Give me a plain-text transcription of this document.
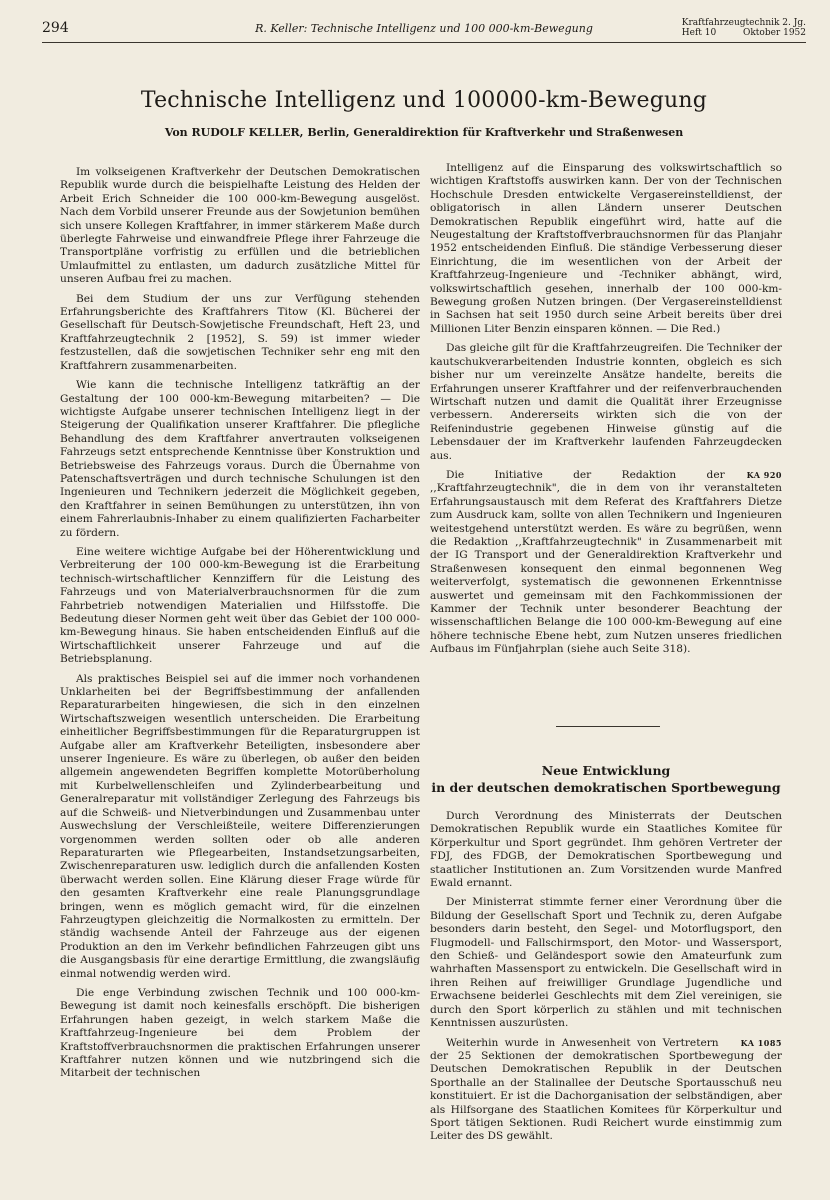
294	R. Keller: Technische Intelligenz und 100 000-km-Bewegung	Kraftfahrzeugtechnik 2. Jg.
Heft 10	Oktober 1952
Technische Intelligenz und 100000-km-Bewegung
Von RUDOLF KELLER, Berlin, Generaldirektion für Kraftverkehr und Straßenwesen

Im volkseigenen Kraftverkehr der Deutschen Demokratischen Republik wurde durch die beispielhafte Leistung des Helden der Arbeit Erich Schneider die 100 000-km-Bewegung ausgelöst. Nach dem Vorbild unserer Freunde aus der Sowjetunion bemühen sich unsere Kollegen Kraftfahrer, in immer stärkerem Maße durch überlegte Fahrweise und einwandfreie Pflege ihrer Fahrzeuge die Transportpläne vorfristig zu erfüllen und die betrieblichen Umlaufmittel zu entlasten, um dadurch zusätzliche Mittel für unseren Aufbau frei zu machen.

Bei dem Studium der uns zur Verfügung stehenden Erfahrungsberichte des Kraftfahrers Titow (Kl. Bücherei der Gesellschaft für Deutsch-Sowjetische Freundschaft, Heft 23, und Kraftfahrzeugtechnik 2 [1952], S. 59) ist immer wieder festzustellen, daß die sowjetischen Techniker sehr eng mit den Kraftfahrern zusammenarbeiten.

Wie kann die technische Intelligenz tatkräftig an der Gestaltung der 100 000-km-Bewegung mitarbeiten? — Die wichtigste Aufgabe unserer technischen Intelligenz liegt in der Steigerung der Qualifikation unserer Kraftfahrer. Die pflegliche Behandlung des dem Kraftfahrer anvertrauten volkseigenen Fahrzeugs setzt entsprechende Kenntnisse über Konstruktion und Betriebsweise des Fahrzeugs voraus. Durch die Übernahme von Patenschaftsverträgen und durch technische Schulungen ist den Ingenieuren und Technikern jederzeit die Möglichkeit gegeben, den Kraftfahrer in seinen Bemühungen zu unterstützen, ihn von einem Fahrerlaubnis-Inhaber zu einem qualifizierten Facharbeiter zu fördern.

Eine weitere wichtige Aufgabe bei der Höherentwicklung und Verbreiterung der 100 000-km-Bewegung ist die Erarbeitung technisch-wirtschaftlicher Kennziffern für die Leistung des Fahrzeugs und von Materialverbrauchsnormen für die zum Fahrbetrieb notwendigen Materialien und Hilfsstoffe. Die Bedeutung dieser Normen geht weit über das Gebiet der 100 000-km-Bewegung hinaus. Sie haben entscheidenden Einfluß auf die Wirtschaftlichkeit unserer Fahrzeuge und auf die Betriebsplanung.

Als praktisches Beispiel sei auf die immer noch vorhandenen Unklarheiten bei der Begriffsbestimmung der anfallenden Reparaturarbeiten hingewiesen, die sich in den einzelnen Wirtschaftszweigen wesentlich unterscheiden. Die Erarbeitung einheitlicher Begriffsbestimmungen für die Reparaturgruppen ist Aufgabe aller am Kraftverkehr Beteiligten, insbesondere aber unserer Ingenieure. Es wäre zu überlegen, ob außer den beiden allgemein angewendeten Begriffen komplette Motorüberholung mit Kurbelwellenschleifen und Zylinderbearbeitung und Generalreparatur mit vollständiger Zerlegung des Fahrzeugs bis auf die Schweiß- und Nietverbindungen und Zusammenbau unter Auswechslung der Verschleißteile, weitere Differenzierungen vorgenommen werden sollten oder ob alle anderen Reparaturarten wie Pflegearbeiten, Instandsetzungsarbeiten, Zwischenreparaturen usw. lediglich durch die anfallenden Kosten überwacht werden sollen. Eine Klärung dieser Frage würde für den gesamten Kraftverkehr eine reale Planungsgrundlage bringen, wenn es möglich gemacht wird, für die einzelnen Fahrzeugtypen gleichzeitig die Normalkosten zu ermitteln. Der ständig wachsende Anteil der Fahrzeuge aus der eigenen Produktion an den im Verkehr befindlichen Fahrzeugen gibt uns die Ausgangsbasis für eine derartige Ermittlung, die zwangsläufig einmal notwendig werden wird.

Die enge Verbindung zwischen Technik und 100 000-km-Bewegung ist damit noch keinesfalls erschöpft. Die bisherigen Erfahrungen haben gezeigt, in welch starkem Maße die Kraftfahrzeug-Ingenieure bei dem Problem der Kraftstoffverbrauchsnormen die praktischen Erfahrungen unserer Kraftfahrer nutzen können und wie nutzbringend sich die Mitarbeit der technischen

Intelligenz auf die Einsparung des volkswirtschaftlich so wichtigen Kraftstoffs auswirken kann. Der von der Technischen Hochschule Dresden entwickelte Vergasereinstelldienst, der obligatorisch in allen Ländern unserer Deutschen Demokratischen Republik eingeführt wird, hatte auf die Neugestaltung der Kraftstoffverbrauchsnormen für das Planjahr 1952 entscheidenden Einfluß. Die ständige Verbesserung dieser Einrichtung, die im wesentlichen von der Arbeit der Kraftfahrzeug-Ingenieure und -Techniker abhängt, wird, volkswirtschaftlich gesehen, innerhalb der 100 000-km-Bewegung großen Nutzen bringen. (Der Vergasereinstelldienst in Sachsen hat seit 1950 durch seine Arbeit bereits über drei Millionen Liter Benzin einsparen können. — Die Red.)

Das gleiche gilt für die Kraftfahrzeugreifen. Die Techniker der kautschukverarbeitenden Industrie konnten, obgleich es sich bisher nur um vereinzelte Ansätze handelte, bereits die Erfahrungen unserer Kraftfahrer und der reifenverbrauchenden Wirtschaft nutzen und damit die Qualität ihrer Erzeugnisse verbessern. Andererseits wirkten sich die von der Reifenindustrie gegebenen Hinweise günstig auf die Lebensdauer der im Kraftverkehr laufenden Fahrzeugdecken aus.

KA 920
Die Initiative der Redaktion der ,,Kraftfahrzeugtechnik", die in dem von ihr veranstalteten Erfahrungsaustausch mit dem Referat des Kraftfahrers Dietze zum Ausdruck kam, sollte von allen Technikern und Ingenieuren weitestgehend unterstützt werden. Es wäre zu begrüßen, wenn die Redaktion ,,Kraftfahrzeugtechnik" in Zusammenarbeit mit der IG Transport und der Generaldirektion Kraftverkehr und Straßenwesen konsequent den einmal begonnenen Weg weiterverfolgt, systematisch die gewonnenen Erkenntnisse auswertet und gemeinsam mit den Fachkommissionen der Kammer der Technik unter besonderer Beachtung der wissenschaftlichen Belange die 100 000-km-Bewegung auf eine höhere technische Ebene hebt, zum Nutzen unseres friedlichen Aufbaus im Fünfjahrplan (siehe auch Seite 318).

Neue Entwicklung
in der deutschen demokratischen Sportbewegung

Durch Verordnung des Ministerrats der Deutschen Demokratischen Republik wurde ein Staatliches Komitee für Körperkultur und Sport gegründet. Ihm gehören Vertreter der FDJ, des FDGB, der Demokratischen Sportbewegung und staatlicher Institutionen an. Zum Vorsitzenden wurde Manfred Ewald ernannt.

Der Ministerrat stimmte ferner einer Verordnung über die Bildung der Gesellschaft Sport und Technik zu, deren Aufgabe besonders darin besteht, den Segel- und Motorflugsport, den Flugmodell- und Fallschirmsport, den Motor- und Wassersport, den Schieß- und Geländesport sowie den Amateurfunk zum wahrhaften Massensport zu entwickeln. Die Gesellschaft wird in ihren Reihen auf freiwilliger Grundlage Jugendliche und Erwachsene beiderlei Geschlechts mit dem Ziel vereinigen, sie durch den Sport körperlich zu stählen und mit technischen Kenntnissen auszurüsten.

KA 1085
Weiterhin wurde in Anwesenheit von Vertretern der 25 Sektionen der demokratischen Sportbewegung der Deutschen Demokratischen Republik in der Deutschen Sporthalle an der Stalinallee der Deutsche Sportausschuß neu konstituiert. Er ist die Dachorganisation der selbständigen, aber als Hilfsorgane des Staatlichen Komitees für Körperkultur und Sport tätigen Sektionen. Rudi Reichert wurde einstimmig zum Leiter des DS gewählt.
